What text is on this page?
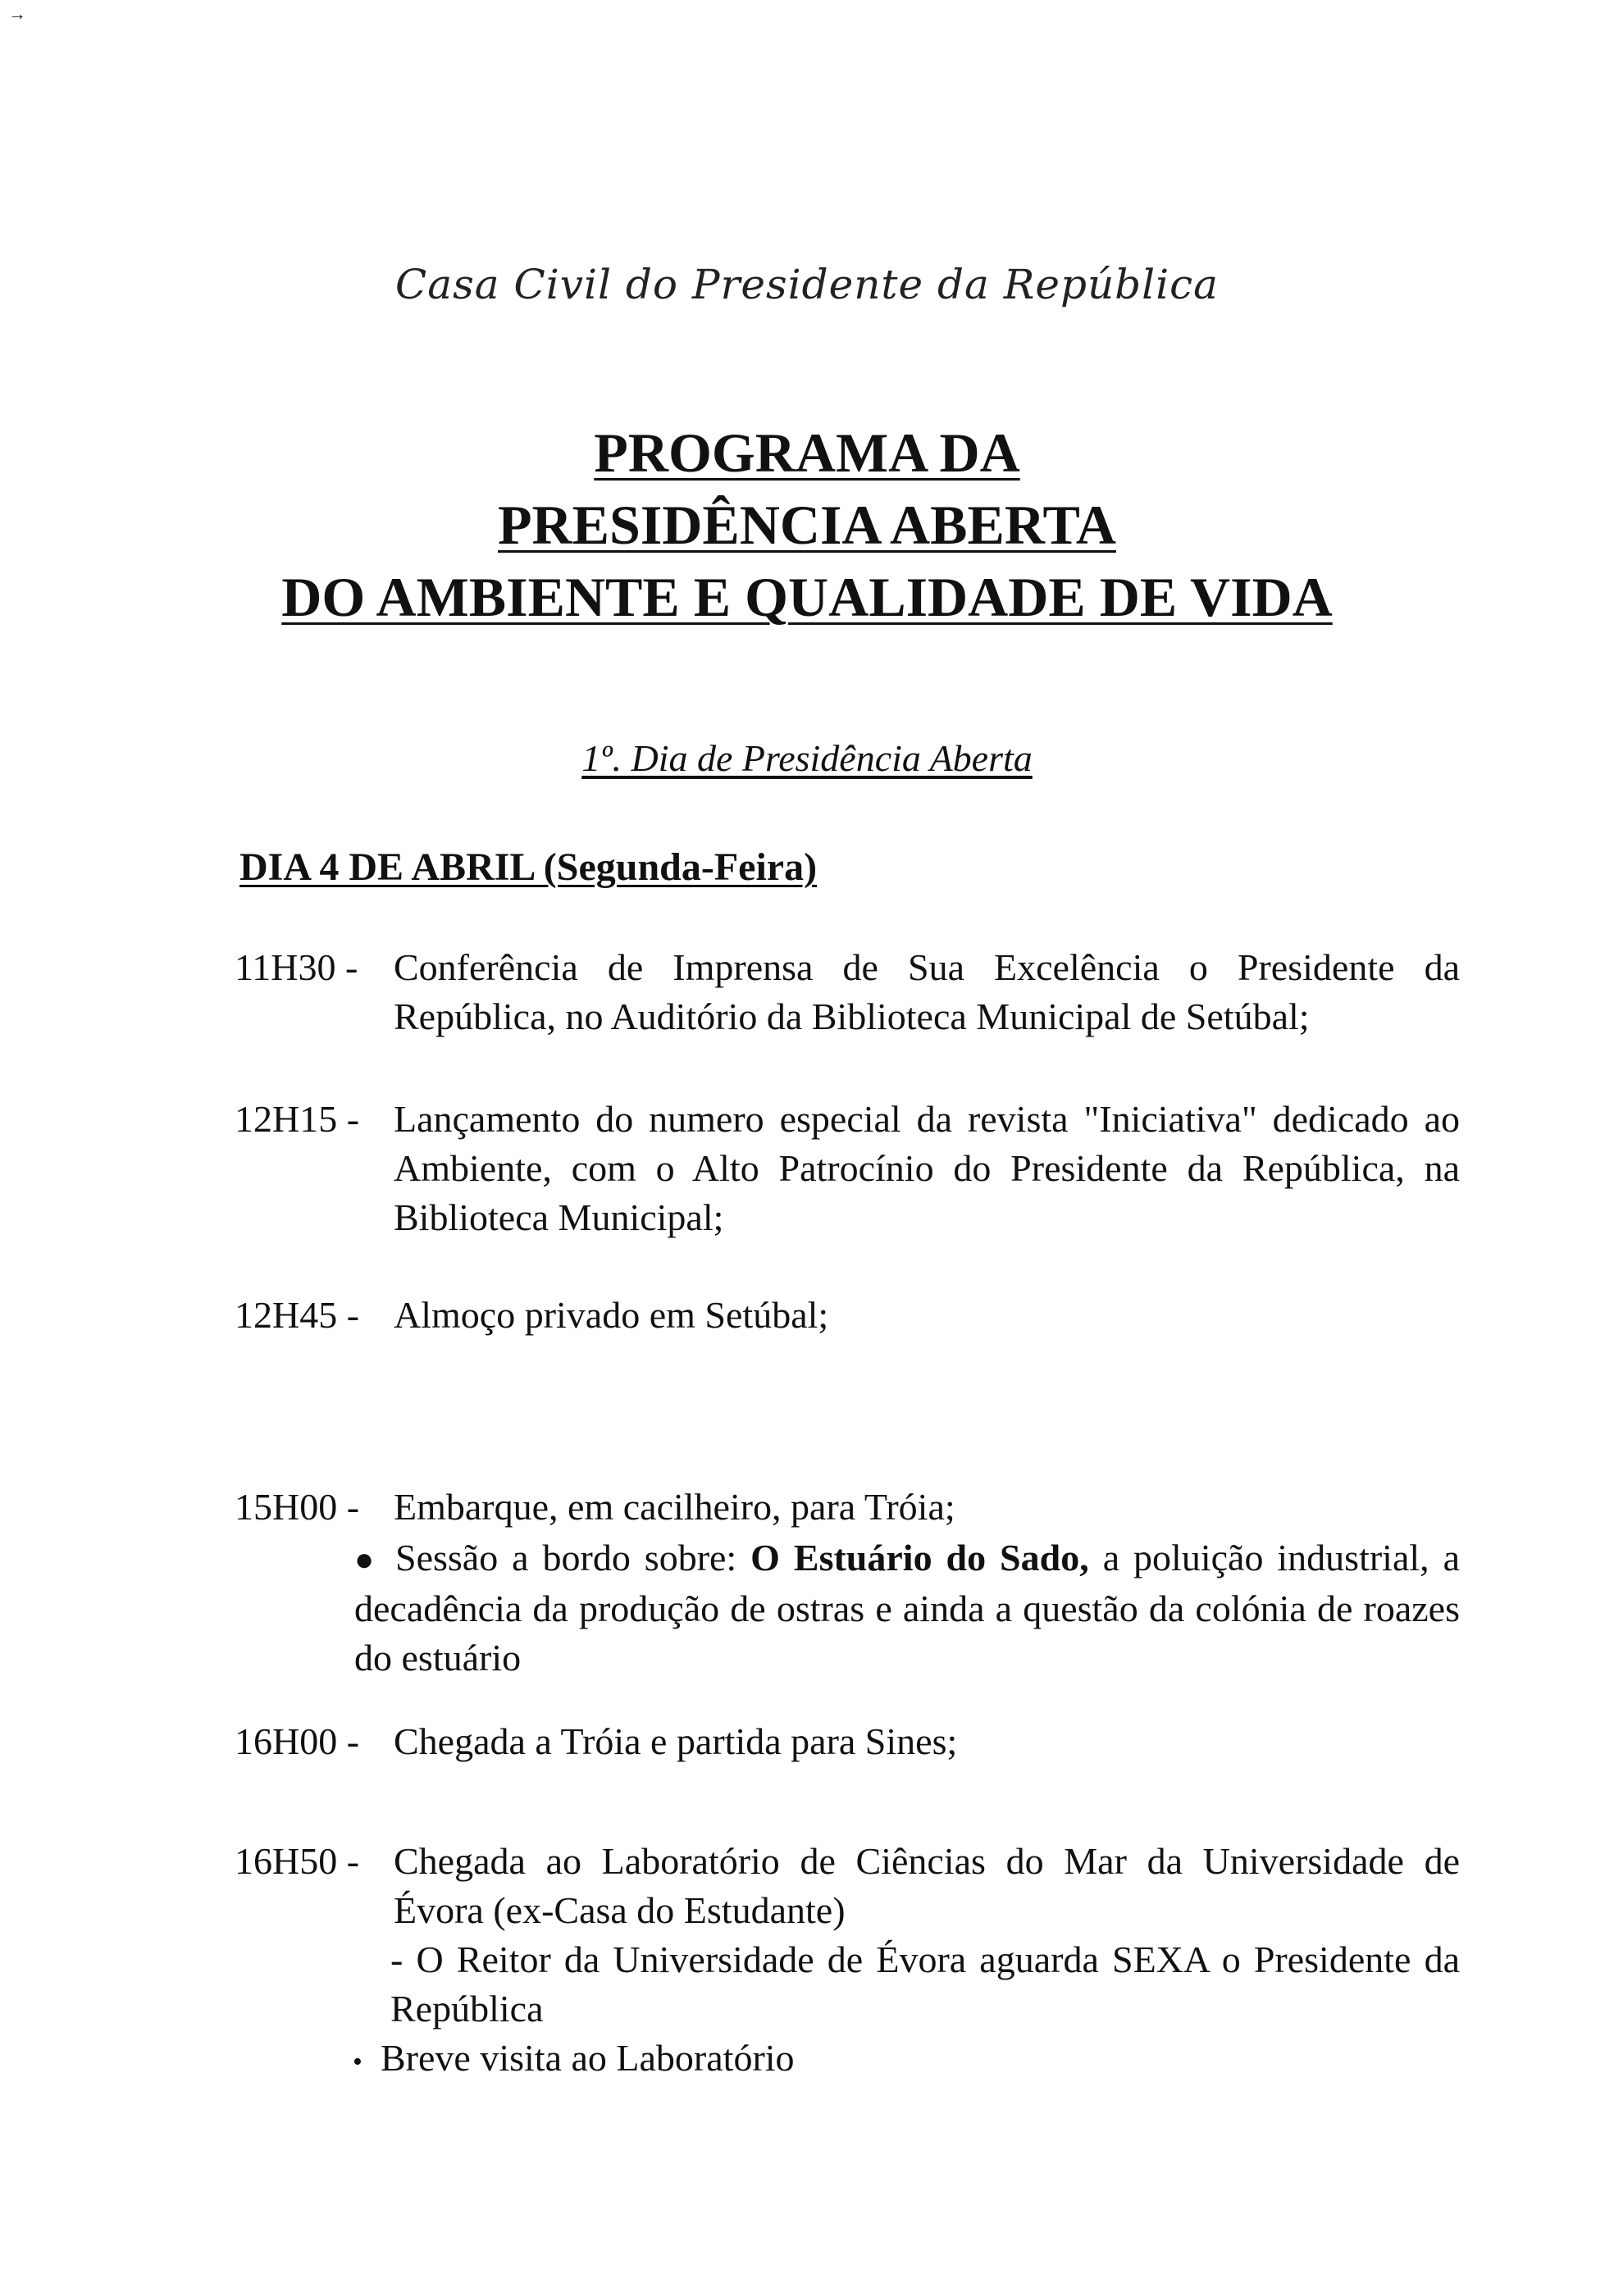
→
Casa Civil do Presidente da República
PROGRAMA DA
PRESIDÊNCIA ABERTA
DO AMBIENTE E QUALIDADE DE VIDA
1º. Dia de Presidência Aberta
DIA 4 DE ABRIL (Segunda-Feira)
11H30 - Conferência de Imprensa de Sua Excelência o Presidente da República, no Auditório da Biblioteca Municipal de Setúbal;
12H15 - Lançamento do numero especial da revista "Iniciativa" dedicado ao Ambiente, com o Alto Patrocínio do Presidente da República, na Biblioteca Municipal;
12H45 - Almoço privado em Setúbal;
15H00 - Embarque, em cacilheiro, para Tróia;
● Sessão a bordo sobre: O Estuário do Sado, a poluição industrial, a decadência da produção de ostras e ainda a questão da colónia de roazes do estuário
16H00 - Chegada a Tróia e partida para Sines;
16H50 - Chegada ao Laboratório de Ciências do Mar da Universidade de Évora (ex-Casa do Estudante)
- O Reitor da Universidade de Évora aguarda SEXA o Presidente da República
• Breve visita ao Laboratório
